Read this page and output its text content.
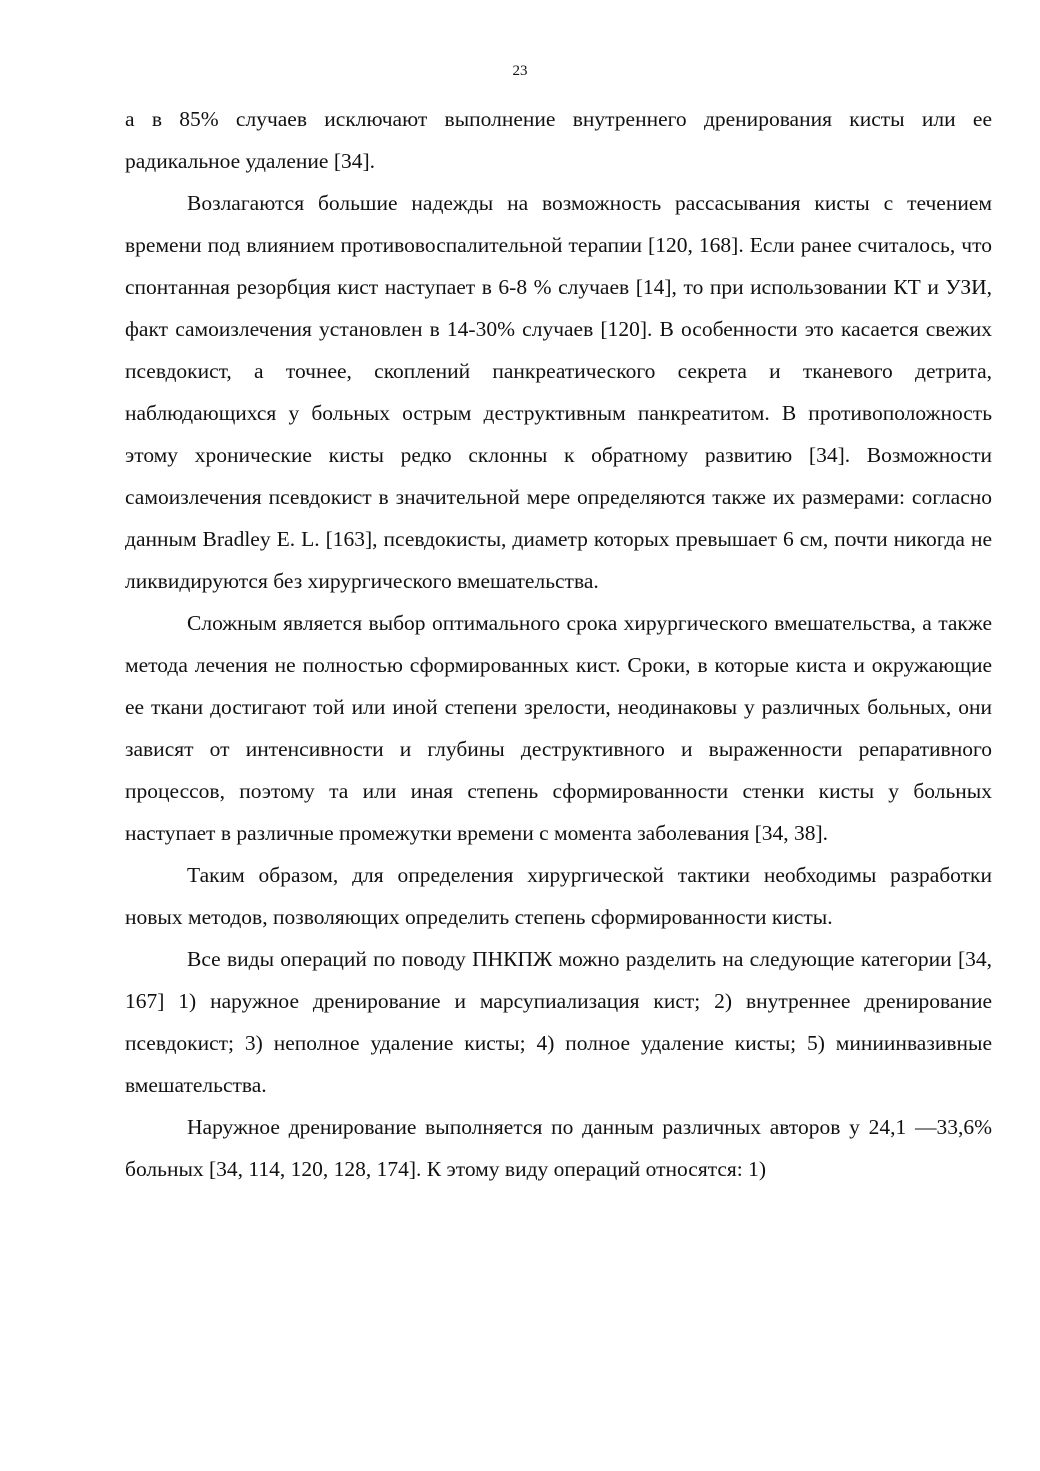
23

а в 85% случаев исключают выполнение внутреннего дренирования кисты или ее радикальное удаление [34].

Возлагаются большие надежды на возможность рассасывания кисты с течением времени под влиянием противовоспалительной терапии [120, 168]. Если ранее считалось, что спонтанная резорбция кист наступает в 6-8 % случаев [14], то при использовании КТ и УЗИ, факт самоизлечения установлен в 14-30% случаев [120]. В особенности это касается свежих псевдокист, а точнее, скоплений панкреатического секрета и тканевого детрита, наблюдающихся у больных острым деструктивным панкреатитом. В противоположность этому хронические кисты редко склонны к обратному развитию [34]. Возможности самоизлечения псевдокист в значительной мере определяются также их размерами: согласно данным Bradley E. L. [163], псевдокисты, диаметр которых превышает 6 см, почти никогда не ликвидируются без хирургического вмешательства.

Сложным является выбор оптимального срока хирургического вмешательства, а также метода лечения не полностью сформированных кист. Сроки, в которые киста и окружающие ее ткани достигают той или иной степени зрелости, неодинаковы у различных больных, они зависят от интенсивности и глубины деструктивного и выраженности репаративного процессов, поэтому та или иная степень сформированности стенки кисты у больных наступает в различные промежутки времени с момента заболевания [34, 38].

Таким образом, для определения хирургической тактики необходимы разработки новых методов, позволяющих определить степень сформированности кисты.

Все виды операций по поводу ПНКПЖ можно разделить на следующие категории [34, 167] 1) наружное дренирование и марсупиализация кист; 2) внутреннее дренирование псевдокист; 3) неполное удаление кисты; 4) полное удаление кисты; 5) миниинвазивные вмешательства.

Наружное дренирование выполняется по данным различных авторов у 24,1 —33,6% больных [34, 114, 120, 128, 174]. К этому виду операций относятся: 1)
